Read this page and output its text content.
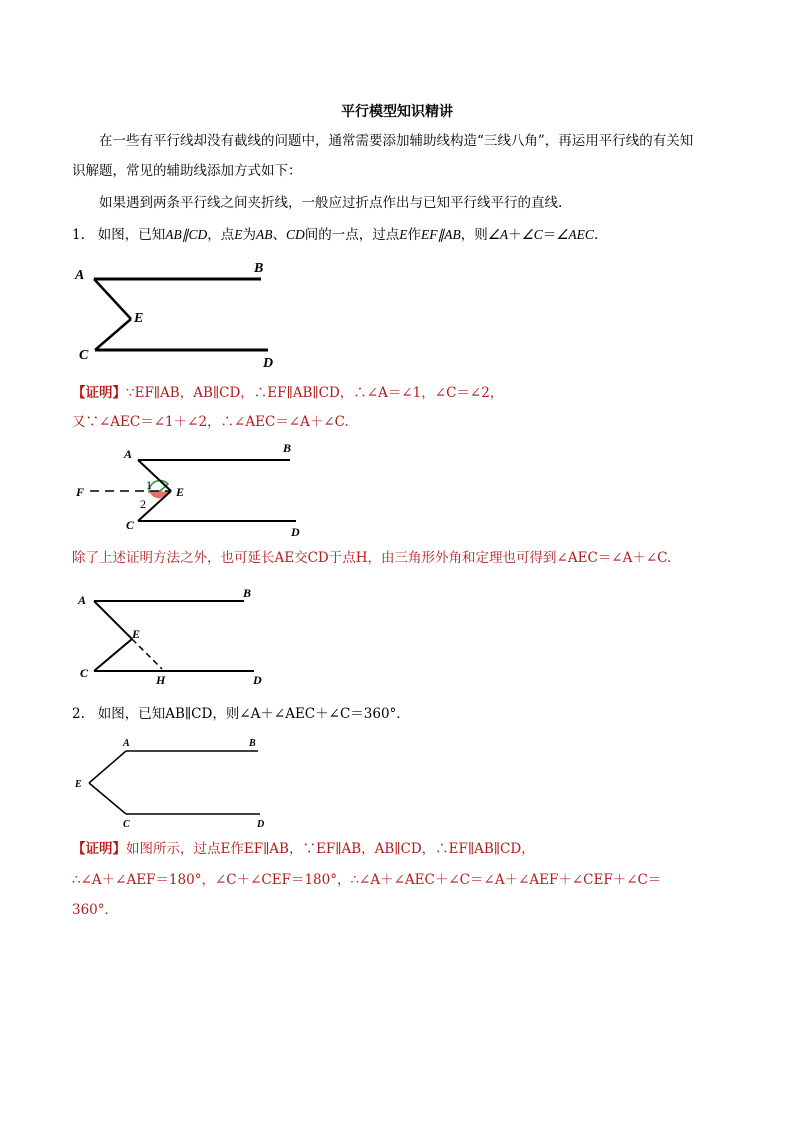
平行模型知识精讲
在一些有平行线却没有截线的问题中，通常需要添加辅助线构造“三线八角”，再运用平行线的有关知
识解题，常见的辅助线添加方式如下：
如果遇到两条平行线之间夹折线，一般应过折点作出与已知平行线平行的直线.
1. 如图，已知AB∥CD，点E为AB、CD间的一点，过点E作EF∥AB，则∠A＋∠C＝∠AEC.
A	B
E
C
D
【证明】∵EF∥AB，AB∥CD，∴EF∥AB∥CD，∴∠A＝∠1，∠C＝∠2，
又∵∠AEC＝∠1＋∠2，∴∠AEC＝∠A＋∠C.
A	B
F	1
2
E
C	D
除了上述证明方法之外，也可延长AE交CD于点H，由三角形外角和定理也可得到∠AEC＝∠A＋∠C.
A	B
E
C	H	D
2. 如图，已知AB∥CD，则∠A＋∠AEC＋∠C＝360°．
A	B
E
C	D
【证明】如图所示，过点E作EF∥AB，∵EF∥AB，AB∥CD，∴EF∥AB∥CD，
∴∠A＋∠AEF＝180°，∠C＋∠CEF＝180°，∴∠A＋∠AEC＋∠C＝∠A＋∠AEF＋∠CEF＋∠C＝
360°．
